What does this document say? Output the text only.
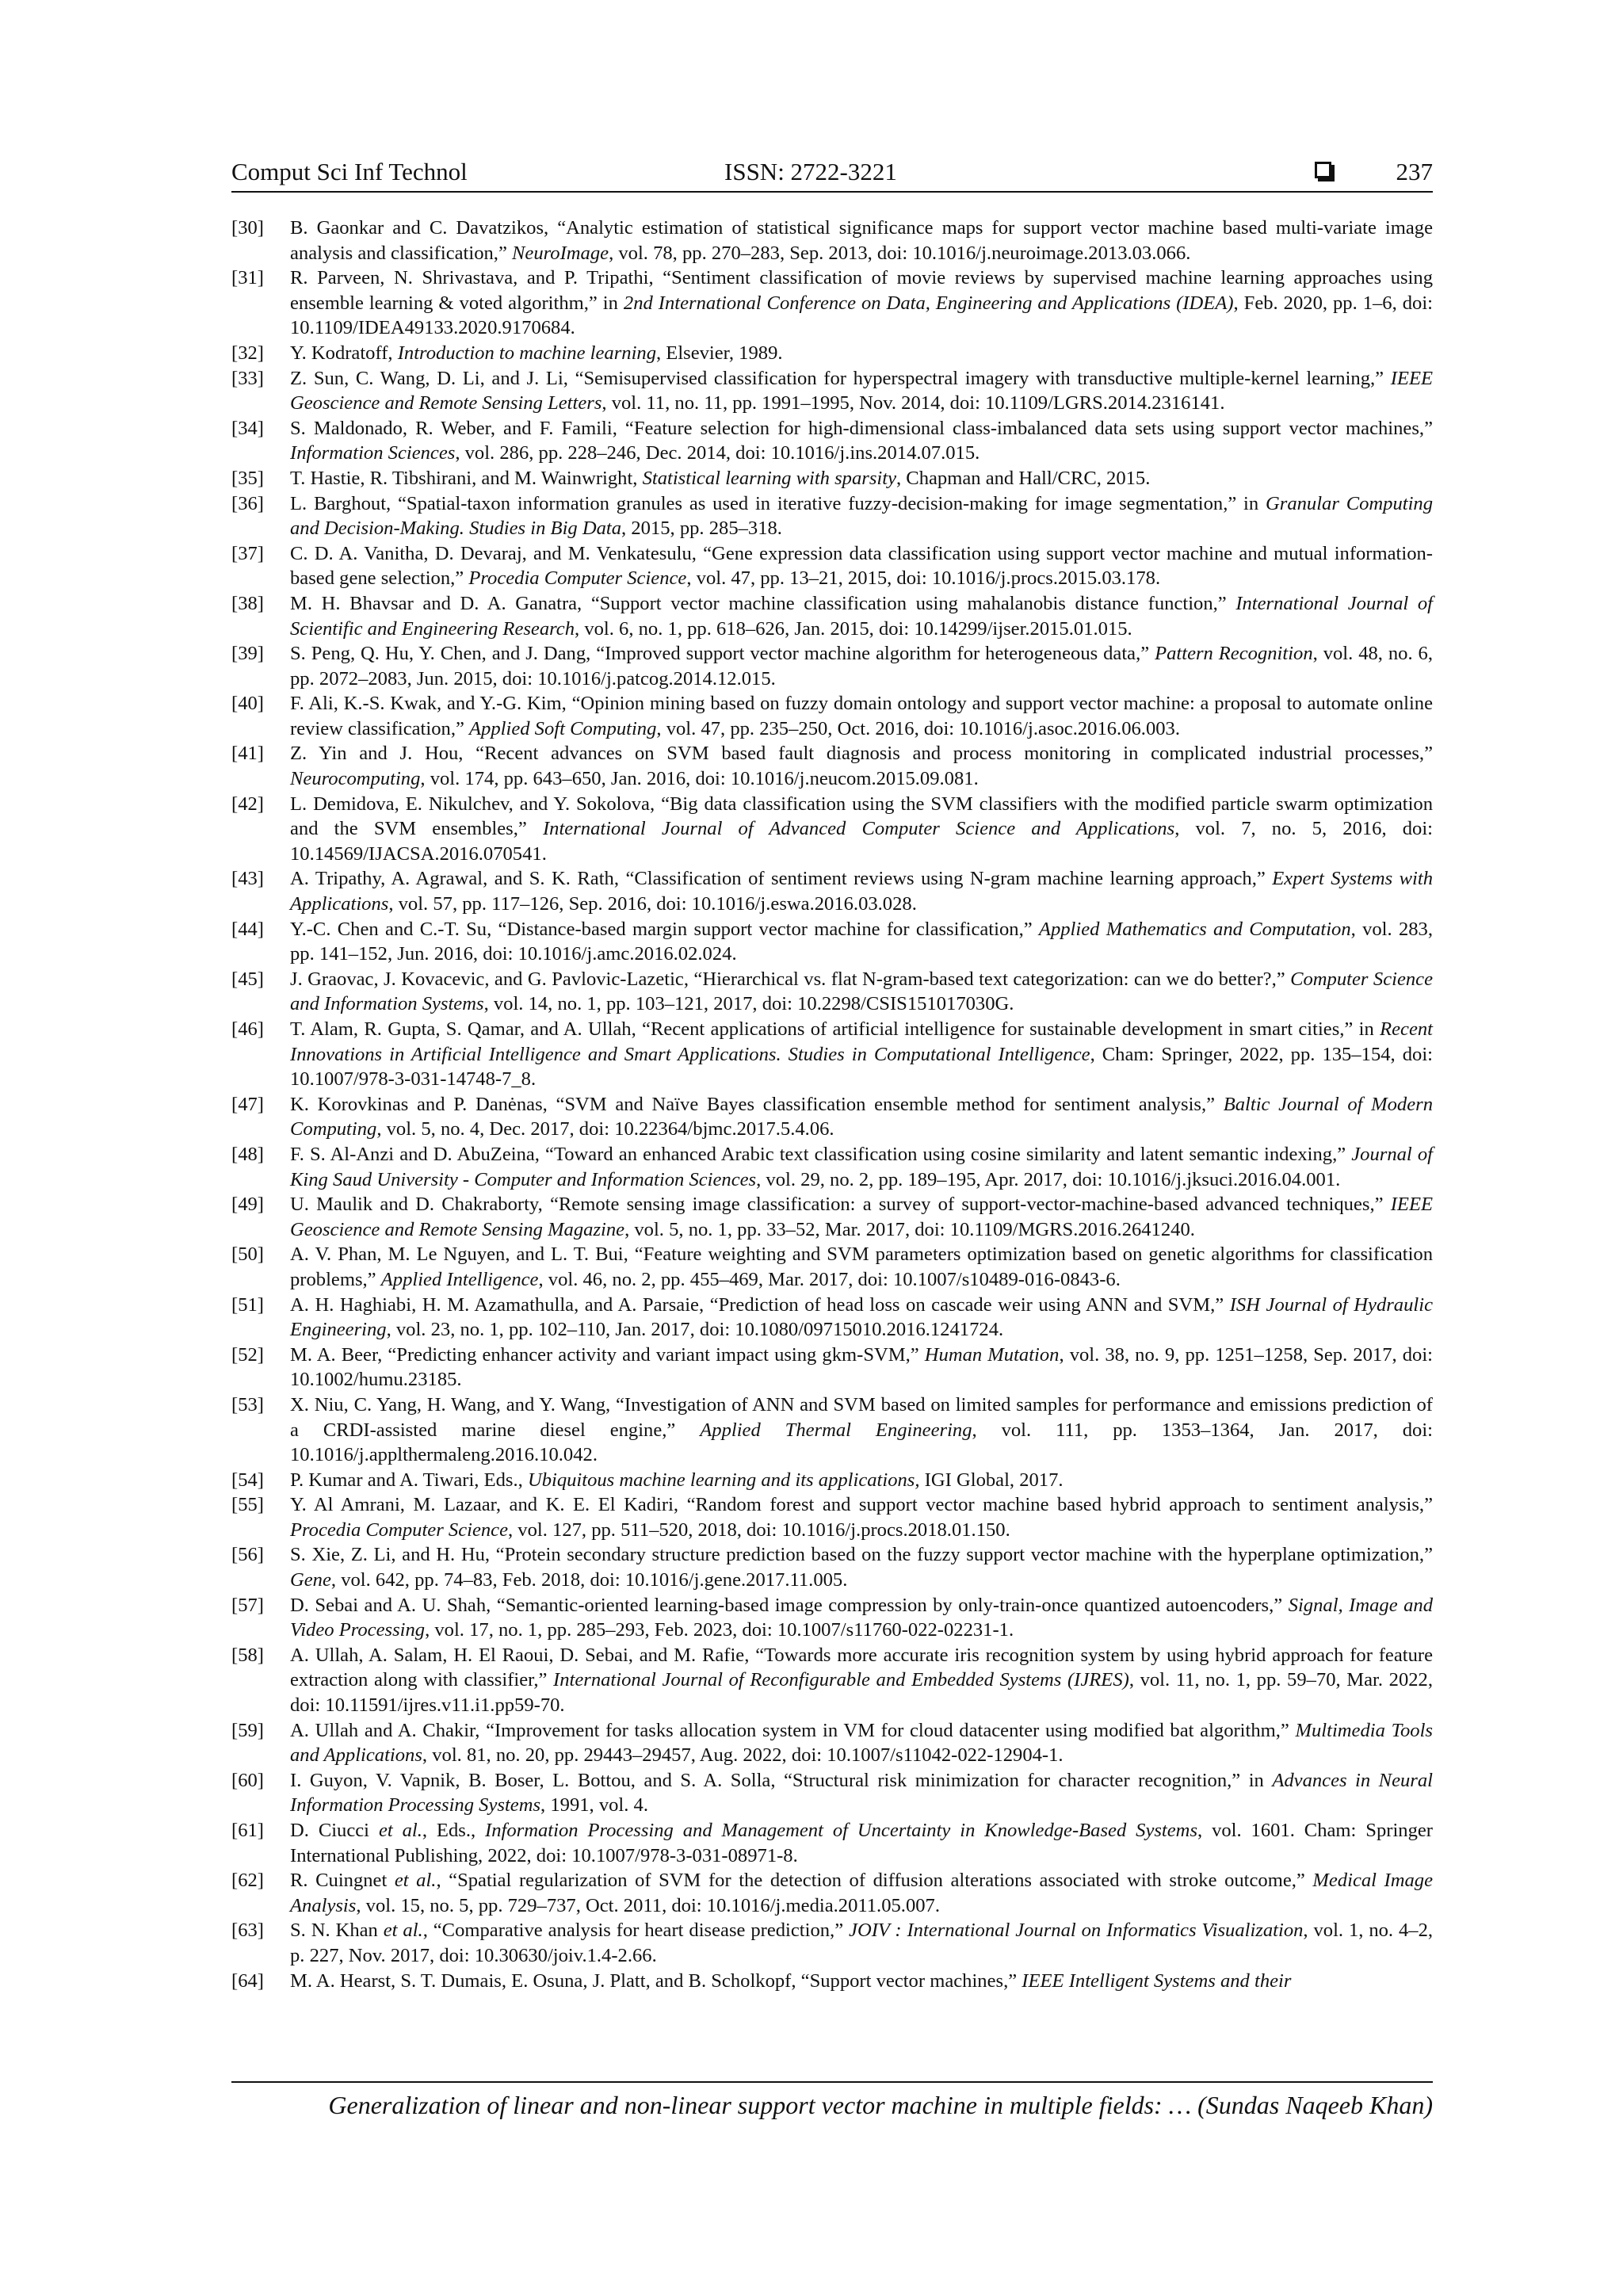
Comput Sci Inf Technol	ISSN: 2722-3221	237
[30]	B. Gaonkar and C. Davatzikos, “Analytic estimation of statistical significance maps for support vector machine based multi-variate image analysis and classification,” NeuroImage, vol. 78, pp. 270–283, Sep. 2013, doi: 10.1016/j.neuroimage.2013.03.066.
[31]	R. Parveen, N. Shrivastava, and P. Tripathi, “Sentiment classification of movie reviews by supervised machine learning approaches using ensemble learning & voted algorithm,” in 2nd International Conference on Data, Engineering and Applications (IDEA), Feb. 2020, pp. 1–6, doi: 10.1109/IDEA49133.2020.9170684.
[32]	Y. Kodratoff, Introduction to machine learning, Elsevier, 1989.
[33]	Z. Sun, C. Wang, D. Li, and J. Li, “Semisupervised classification for hyperspectral imagery with transductive multiple-kernel learning,” IEEE Geoscience and Remote Sensing Letters, vol. 11, no. 11, pp. 1991–1995, Nov. 2014, doi: 10.1109/LGRS.2014.2316141.
[34]	S. Maldonado, R. Weber, and F. Famili, “Feature selection for high-dimensional class-imbalanced data sets using support vector machines,” Information Sciences, vol. 286, pp. 228–246, Dec. 2014, doi: 10.1016/j.ins.2014.07.015.
[35]	T. Hastie, R. Tibshirani, and M. Wainwright, Statistical learning with sparsity, Chapman and Hall/CRC, 2015.
[36]	L. Barghout, “Spatial-taxon information granules as used in iterative fuzzy-decision-making for image segmentation,” in Granular Computing and Decision-Making. Studies in Big Data, 2015, pp. 285–318.
[37]	C. D. A. Vanitha, D. Devaraj, and M. Venkatesulu, “Gene expression data classification using support vector machine and mutual information-based gene selection,” Procedia Computer Science, vol. 47, pp. 13–21, 2015, doi: 10.1016/j.procs.2015.03.178.
[38]	M. H. Bhavsar and D. A. Ganatra, “Support vector machine classification using mahalanobis distance function,” International Journal of Scientific and Engineering Research, vol. 6, no. 1, pp. 618–626, Jan. 2015, doi: 10.14299/ijser.2015.01.015.
[39]	S. Peng, Q. Hu, Y. Chen, and J. Dang, “Improved support vector machine algorithm for heterogeneous data,” Pattern Recognition, vol. 48, no. 6, pp. 2072–2083, Jun. 2015, doi: 10.1016/j.patcog.2014.12.015.
[40]	F. Ali, K.-S. Kwak, and Y.-G. Kim, “Opinion mining based on fuzzy domain ontology and support vector machine: a proposal to automate online review classification,” Applied Soft Computing, vol. 47, pp. 235–250, Oct. 2016, doi: 10.1016/j.asoc.2016.06.003.
[41]	Z. Yin and J. Hou, “Recent advances on SVM based fault diagnosis and process monitoring in complicated industrial processes,” Neurocomputing, vol. 174, pp. 643–650, Jan. 2016, doi: 10.1016/j.neucom.2015.09.081.
[42]	L. Demidova, E. Nikulchev, and Y. Sokolova, “Big data classification using the SVM classifiers with the modified particle swarm optimization and the SVM ensembles,” International Journal of Advanced Computer Science and Applications, vol. 7, no. 5, 2016, doi: 10.14569/IJACSA.2016.070541.
[43]	A. Tripathy, A. Agrawal, and S. K. Rath, “Classification of sentiment reviews using N-gram machine learning approach,” Expert Systems with Applications, vol. 57, pp. 117–126, Sep. 2016, doi: 10.1016/j.eswa.2016.03.028.
[44]	Y.-C. Chen and C.-T. Su, “Distance-based margin support vector machine for classification,” Applied Mathematics and Computation, vol. 283, pp. 141–152, Jun. 2016, doi: 10.1016/j.amc.2016.02.024.
[45]	J. Graovac, J. Kovacevic, and G. Pavlovic-Lazetic, “Hierarchical vs. flat N-gram-based text categorization: can we do better?,” Computer Science and Information Systems, vol. 14, no. 1, pp. 103–121, 2017, doi: 10.2298/CSIS151017030G.
[46]	T. Alam, R. Gupta, S. Qamar, and A. Ullah, “Recent applications of artificial intelligence for sustainable development in smart cities,” in Recent Innovations in Artificial Intelligence and Smart Applications. Studies in Computational Intelligence, Cham: Springer, 2022, pp. 135–154, doi: 10.1007/978-3-031-14748-7_8.
[47]	K. Korovkinas and P. Danėnas, “SVM and Naïve Bayes classification ensemble method for sentiment analysis,” Baltic Journal of Modern Computing, vol. 5, no. 4, Dec. 2017, doi: 10.22364/bjmc.2017.5.4.06.
[48]	F. S. Al-Anzi and D. AbuZeina, “Toward an enhanced Arabic text classification using cosine similarity and latent semantic indexing,” Journal of King Saud University - Computer and Information Sciences, vol. 29, no. 2, pp. 189–195, Apr. 2017, doi: 10.1016/j.jksuci.2016.04.001.
[49]	U. Maulik and D. Chakraborty, “Remote sensing image classification: a survey of support-vector-machine-based advanced techniques,” IEEE Geoscience and Remote Sensing Magazine, vol. 5, no. 1, pp. 33–52, Mar. 2017, doi: 10.1109/MGRS.2016.2641240.
[50]	A. V. Phan, M. Le Nguyen, and L. T. Bui, “Feature weighting and SVM parameters optimization based on genetic algorithms for classification problems,” Applied Intelligence, vol. 46, no. 2, pp. 455–469, Mar. 2017, doi: 10.1007/s10489-016-0843-6.
[51]	A. H. Haghiabi, H. M. Azamathulla, and A. Parsaie, “Prediction of head loss on cascade weir using ANN and SVM,” ISH Journal of Hydraulic Engineering, vol. 23, no. 1, pp. 102–110, Jan. 2017, doi: 10.1080/09715010.2016.1241724.
[52]	M. A. Beer, “Predicting enhancer activity and variant impact using gkm-SVM,” Human Mutation, vol. 38, no. 9, pp. 1251–1258, Sep. 2017, doi: 10.1002/humu.23185.
[53]	X. Niu, C. Yang, H. Wang, and Y. Wang, “Investigation of ANN and SVM based on limited samples for performance and emissions prediction of a CRDI-assisted marine diesel engine,” Applied Thermal Engineering, vol. 111, pp. 1353–1364, Jan. 2017, doi: 10.1016/j.applthermaleng.2016.10.042.
[54]	P. Kumar and A. Tiwari, Eds., Ubiquitous machine learning and its applications, IGI Global, 2017.
[55]	Y. Al Amrani, M. Lazaar, and K. E. El Kadiri, “Random forest and support vector machine based hybrid approach to sentiment analysis,” Procedia Computer Science, vol. 127, pp. 511–520, 2018, doi: 10.1016/j.procs.2018.01.150.
[56]	S. Xie, Z. Li, and H. Hu, “Protein secondary structure prediction based on the fuzzy support vector machine with the hyperplane optimization,” Gene, vol. 642, pp. 74–83, Feb. 2018, doi: 10.1016/j.gene.2017.11.005.
[57]	D. Sebai and A. U. Shah, “Semantic-oriented learning-based image compression by only-train-once quantized autoencoders,” Signal, Image and Video Processing, vol. 17, no. 1, pp. 285–293, Feb. 2023, doi: 10.1007/s11760-022-02231-1.
[58]	A. Ullah, A. Salam, H. El Raoui, D. Sebai, and M. Rafie, “Towards more accurate iris recognition system by using hybrid approach for feature extraction along with classifier,” International Journal of Reconfigurable and Embedded Systems (IJRES), vol. 11, no. 1, pp. 59–70, Mar. 2022, doi: 10.11591/ijres.v11.i1.pp59-70.
[59]	A. Ullah and A. Chakir, “Improvement for tasks allocation system in VM for cloud datacenter using modified bat algorithm,” Multimedia Tools and Applications, vol. 81, no. 20, pp. 29443–29457, Aug. 2022, doi: 10.1007/s11042-022-12904-1.
[60]	I. Guyon, V. Vapnik, B. Boser, L. Bottou, and S. A. Solla, “Structural risk minimization for character recognition,” in Advances in Neural Information Processing Systems, 1991, vol. 4.
[61]	D. Ciucci et al., Eds., Information Processing and Management of Uncertainty in Knowledge-Based Systems, vol. 1601. Cham: Springer International Publishing, 2022, doi: 10.1007/978-3-031-08971-8.
[62]	R. Cuingnet et al., “Spatial regularization of SVM for the detection of diffusion alterations associated with stroke outcome,” Medical Image Analysis, vol. 15, no. 5, pp. 729–737, Oct. 2011, doi: 10.1016/j.media.2011.05.007.
[63]	S. N. Khan et al., “Comparative analysis for heart disease prediction,” JOIV : International Journal on Informatics Visualization, vol. 1, no. 4–2, p. 227, Nov. 2017, doi: 10.30630/joiv.1.4-2.66.
[64]	M. A. Hearst, S. T. Dumais, E. Osuna, J. Platt, and B. Scholkopf, “Support vector machines,” IEEE Intelligent Systems and their
Generalization of linear and non-linear support vector machine in multiple fields: … (Sundas Naqeeb Khan)
